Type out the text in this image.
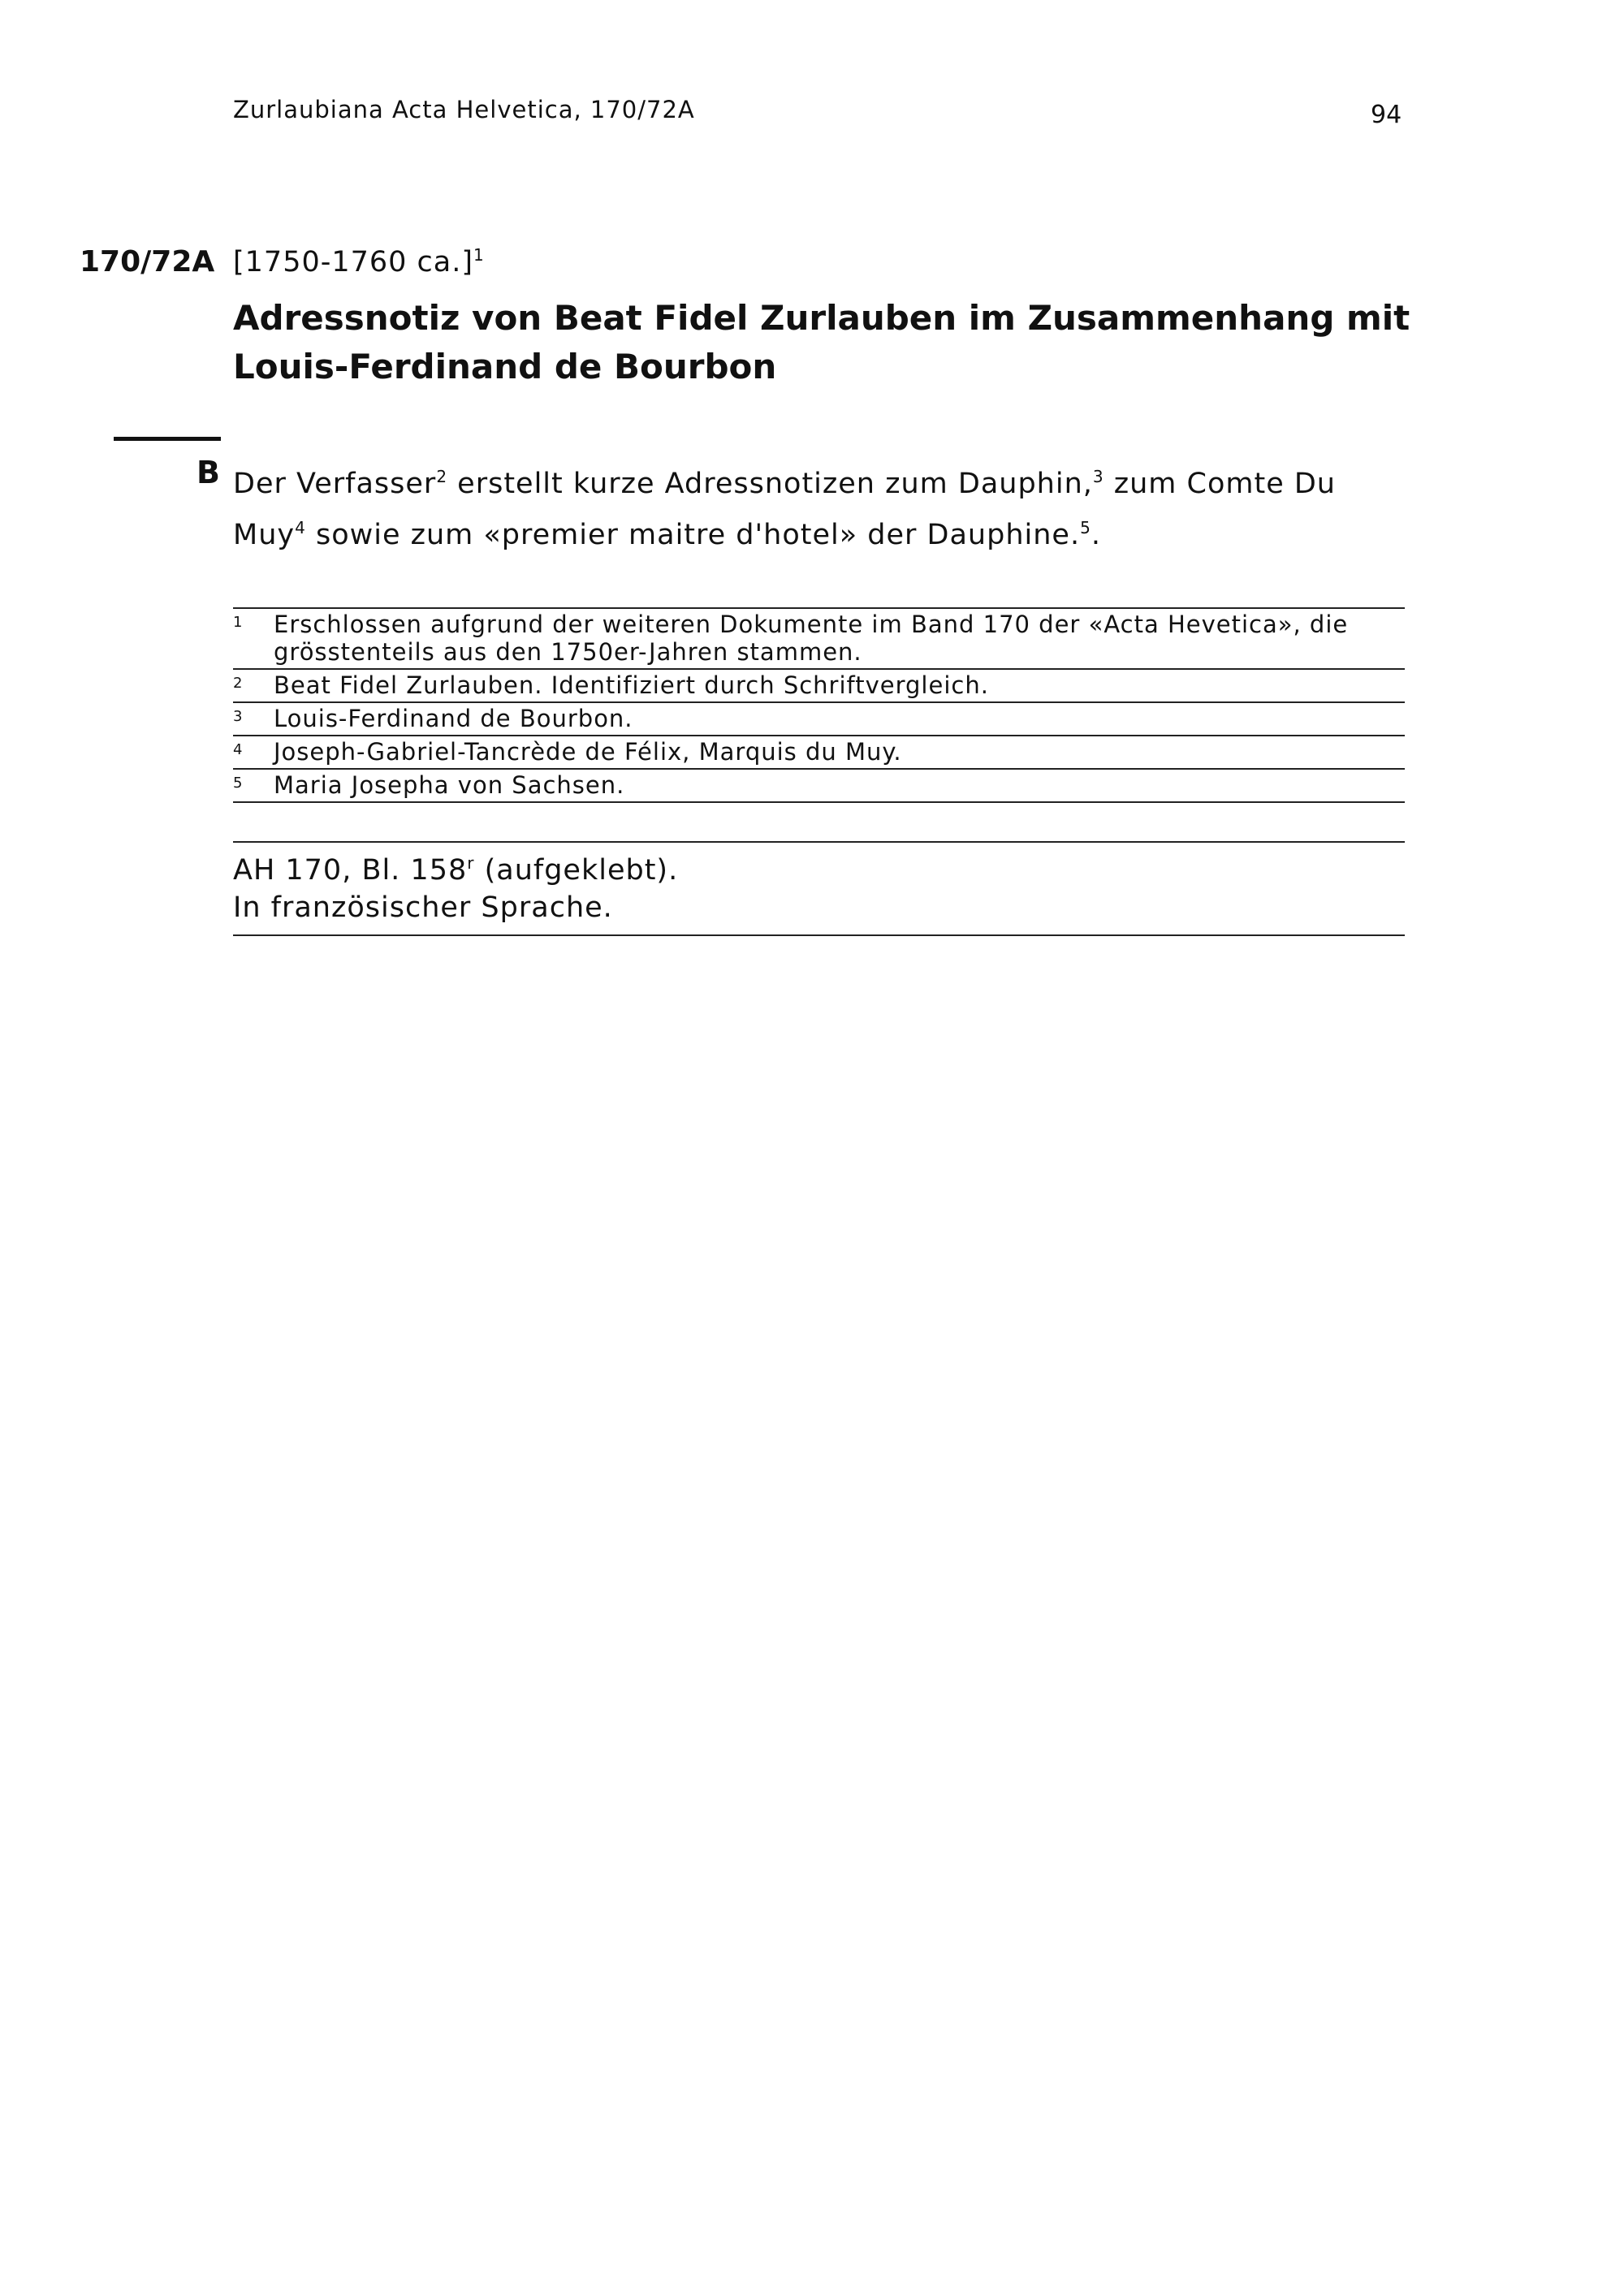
Zurlaubiana Acta Helvetica, 170/72A	94
170/72A [1750-1760 ca.]$^1$
Adressnotiz von Beat Fidel Zurlauben im Zusammenhang mit Louis-Ferdinand de Bourbon
B Der Verfasser$^2$ erstellt kurze Adressnotizen zum Dauphin,$^3$ zum Comte Du Muy$^4$ sowie zum «premier maitre d'hotel» der Dauphine.$^5$.
1 Erschlossen aufgrund der weiteren Dokumente im Band 170 der «Acta Hevetica», die grösstenteils aus den 1750er-Jahren stammen.
2 Beat Fidel Zurlauben. Identifiziert durch Schriftvergleich.
3 Louis-Ferdinand de Bourbon.
4 Joseph-Gabriel-Tancrède de Félix, Marquis du Muy.
5 Maria Josepha von Sachsen.
AH 170, Bl. 158$^r$ (aufgeklebt).
In französischer Sprache.
